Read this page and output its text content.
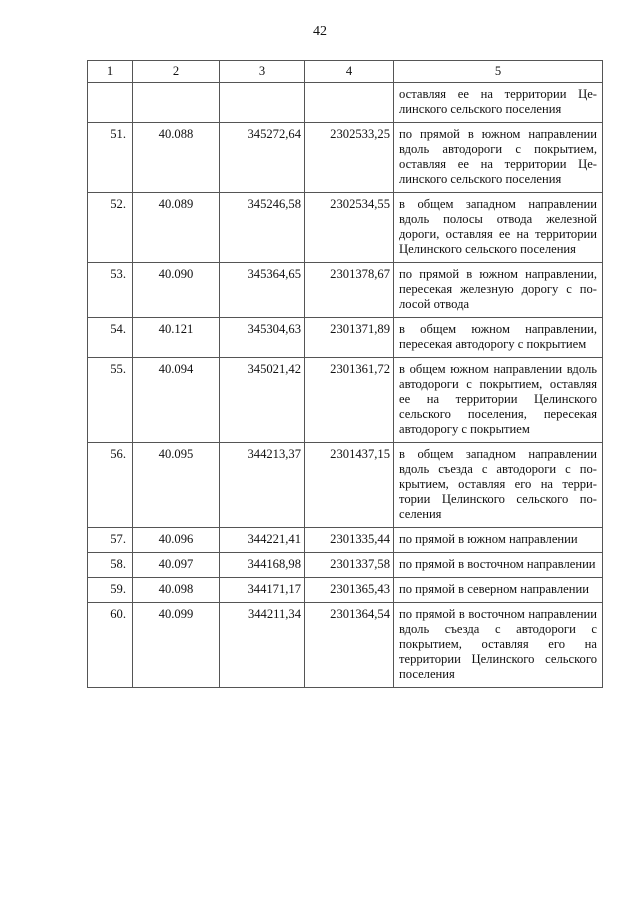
42
1	2	3	4	5
				оставляя ее на территории Целинского сельского поселения
51.	40.088	345272,64	2302533,25	по прямой в южном направлении вдоль автодороги с покрытием, оставляя ее на территории Целинского сельского поселения
52.	40.089	345246,58	2302534,55	в общем западном направлении вдоль полосы отвода железной дороги, оставляя ее на территории Целинского сельского поселения
53.	40.090	345364,65	2301378,67	по прямой в южном направлении, пересекая железную дорогу с полосой отвода
54.	40.121	345304,63	2301371,89	в общем южном направлении, пересекая автодорогу с покрытием
55.	40.094	345021,42	2301361,72	в общем южном направлении вдоль автодороги с покрытием, оставляя ее на территории Целинского сельского поселения, пересекая автодорогу с покрытием
56.	40.095	344213,37	2301437,15	в общем западном направлении вдоль съезда с автодороги с покрытием, оставляя его на территории Целинского сельского поселения
57.	40.096	344221,41	2301335,44	по прямой в южном направлении
58.	40.097	344168,98	2301337,58	по прямой в восточном направлении
59.	40.098	344171,17	2301365,43	по прямой в северном направлении
60.	40.099	344211,34	2301364,54	по прямой в восточном направлении вдоль съезда с автодороги с покрытием, оставляя его на территории Целинского сельского поселения
